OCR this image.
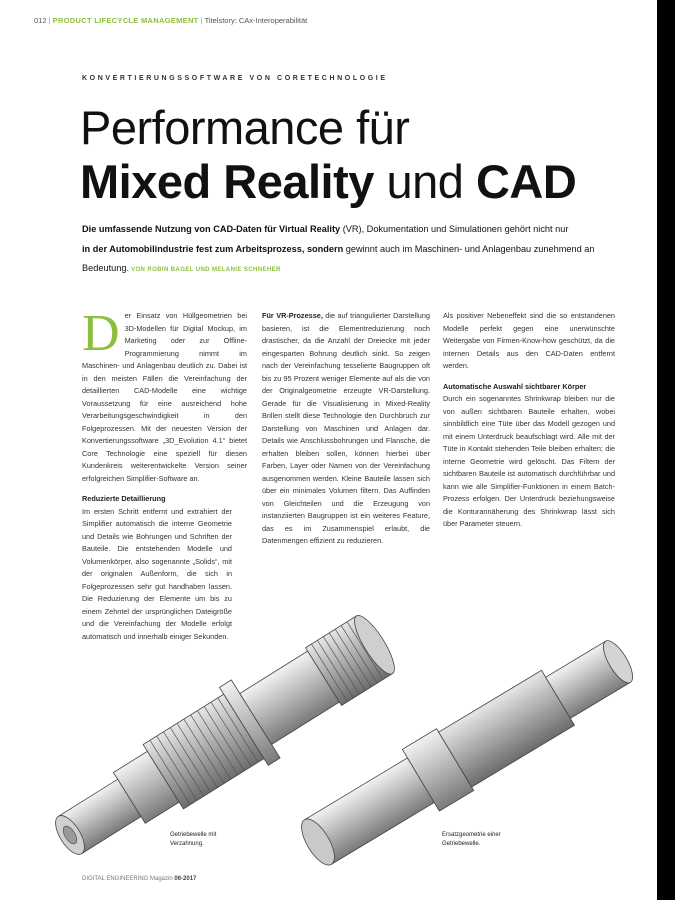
012 | PRODUCT LIFECYCLE MANAGEMENT | Titelstory: CAx-Interoperabilität
KONVERTIERUNGSSOFTWARE VON CORETECHNOLOGIE
Performance für
Mixed Reality und CAD
Die umfassende Nutzung von CAD-Daten für Virtual Reality (VR), Dokumentation und Simulationen gehört nicht nur
in der Automobilindustrie fest zum Arbeitsprozess, sondern gewinnt auch im Maschinen- und Anlagenbau zunehmend an Bedeutung. VON ROBIN BAGEL UND MELANIE SCHNEHER
D er Einsatz von Hüllgeometrien bei 3D-Modellen für Digital Mockup, im Marketing oder zur Offline-Programmierung nimmt im Maschinen- und Anlagenbau deutlich zu. Dabei ist in den meisten Fällen die Vereinfachung der detaillierten CAD-Modelle eine wichtige Voraussetzung für eine ausreichend hohe Verarbeitungsgeschwindigkeit in den Folgeprozessen. Mit der neuesten Version der Konvertierungssoftware „3D_Evolution 4.1“ bietet Core Technologie eine speziell für diesen Kundenkreis weiterentwickelte Version seiner erfolgreichen Simplifier-Software an.

Reduzierte Detaillierung

Im ersten Schritt entfernt und extrahiert der Simplifier automatisch die interne Geometrie und Details wie Bohrungen und Schriften der Bauteile. Die entstehenden Modelle und Volumenkörper, also sogenannte „Solids“, mit der originalen Außenform, die sich in Folgeprozessen sehr gut handhaben lassen. Die Reduzierung der Elemente um bis zu einem Zehntel der ursprünglichen Dateigröße und die Vereinfachung der Modelle erfolgt automatisch und innerhalb einiger Sekunden.

Für VR-Prozesse, die auf triangulierter Darstellung basieren, ist die Elementreduzierung noch drastischer, da die Anzahl der Dreiecke mit jeder eingesparten Bohrung deutlich sinkt. So zeigen nach der Vereinfachung tesselierte Baugruppen oft bis zu 95 Prozent weniger Elemente auf als die von der Originalgeometrie erzeugte VR-Darstellung. Gerade für die Visualisierung in Mixed-Reality Brillen stellt diese Technologie den Durchbruch zur Darstellung von Maschinen und Anlagen dar. Details wie Anschlussbohrungen und Flansche, die erhalten bleiben sollen, können hierbei über Farben, Layer oder Namen von der Vereinfachung ausgenommen werden. Kleine Bauteile lassen sich über ein minimales Volumen filtern. Das Auffinden von Gleichteilen und die Erzeugung von instanziierten Baugruppen ist ein weiteres Feature, das es im Zusammenspiel erlaubt, die Datenmengen effizient zu reduzieren.

Als positiver Nebeneffekt sind die so entstandenen Modelle perfekt gegen eine unerwünschte Weitergabe von Firmen-Know-how geschützt, da die internen Details aus den CAD-Daten entfernt werden.

Automatische Auswahl sichtbarer Körper

Durch ein sogenanntes Shrinkwrap bleiben nur die von außen sichtbaren Bauteile erhalten, wobei sinnbildlich eine Tüte über das Modell gezogen und mit einem Unterdruck beaufschlagt wird. Alle mit der Tüte in Kontakt stehenden Teile bleiben erhalten; die interne Geometrie wird gelöscht. Das Filtern der sichtbaren Bauteile ist automatisch durchführbar und kann wie alle Simplifier-Funktionen in einem Batch-Prozess erfolgen. Der Unterdruck beziehungsweise die Konturannäherung des Shrinkwrap lässt sich über Parameter steuern.

Getriebewelle mit Verzahnung.
Ersatzgeometrie einer Getriebewelle.
DIGITAL ENGINEERING Magazin 06-2017
